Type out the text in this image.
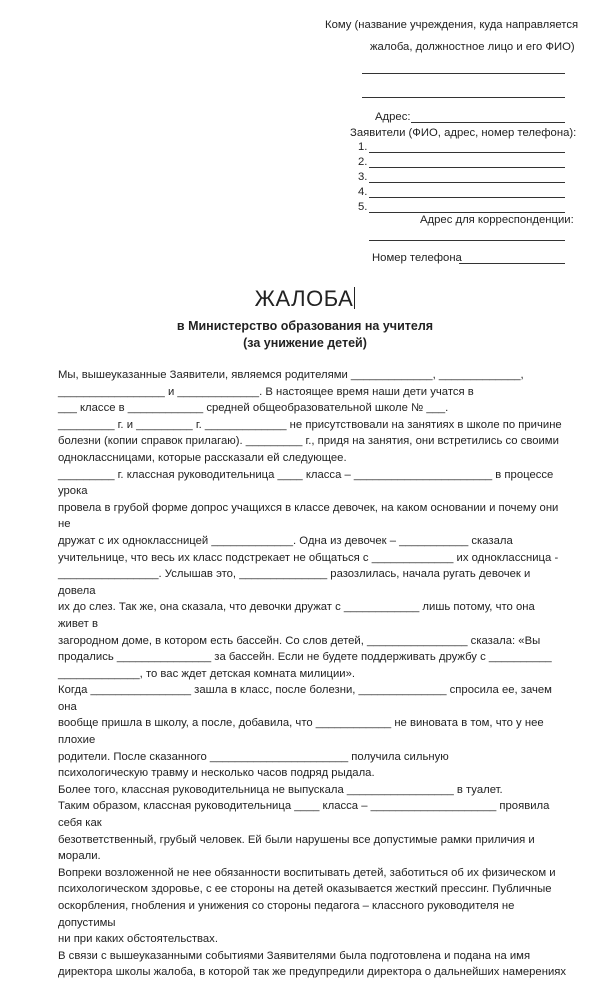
Кому (название учреждения, куда направляется
жалоба, должностное лицо и его ФИО)
Адрес:
Заявители (ФИО, адрес, номер телефона):
1.
2.
3.
4.
5.
Адрес для корреспонденции:
Номер телефона
ЖАЛОБА
в Министерство образования на учителя
(за унижение детей)

Мы, вышеуказанные Заявители, являемся родителями _____________, _____________,

_________________ и _____________. В настоящее время наши дети учатся в

___ классе в ____________ средней общеобразовательной школе № ___.

_________ г. и _________ г. _____________ не присутствовали на занятиях в школе по причине

болезни (копии справок прилагаю). _________ г., придя на занятия, они встретились со своими

одноклассницами, которые рассказали ей следующее.

_________ г. классная руководительница ____ класса – ______________________ в процессе урока

провела в грубой форме допрос учащихся в классе девочек, на каком основании и почему они не

дружат с их одноклассницей _____________. Одна из девочек – ___________ сказала

учительнице, что весь их класс подстрекает не общаться с _____________ их одноклассница -

________________. Услышав это, ______________ разозлилась, начала ругать девочек и довела

их до слез. Так же, она сказала, что девочки дружат с ____________ лишь потому, что она живет в

загородном доме, в котором есть бассейн. Со слов детей, ________________ сказала: «Вы

продались _______________ за бассейн. Если не будете поддерживать дружбу с __________

_____________, то вас ждет детская комната милиции».

Когда ________________ зашла в класс, после болезни, ______________ спросила ее, зачем она

вообще пришла в школу, а после, добавила, что ____________ не виновата в том, что у нее плохие

родители. После сказанного ______________________ получила сильную

психологическую травму и несколько часов подряд рыдала.

Более того, классная руководительница не выпускала _________________ в туалет.

Таким образом, классная руководительница ____ класса – ____________________ проявила себя как

безответственный, грубый человек. Ей были нарушены все допустимые рамки приличия и морали.

Вопреки возложенной не нее обязанности воспитывать детей, заботиться об их физическом и

психологическом здоровье, с ее стороны на детей оказывается жесткий прессинг. Публичные

оскорбления, гнобления и унижения со стороны педагога – классного руководителя не допустимы

ни при каких обстоятельствах.

В связи с вышеуказанными событиями Заявителями была подготовлена и подана на имя

директора школы жалоба, в которой так же предупредили директора о дальнейших намерениях
